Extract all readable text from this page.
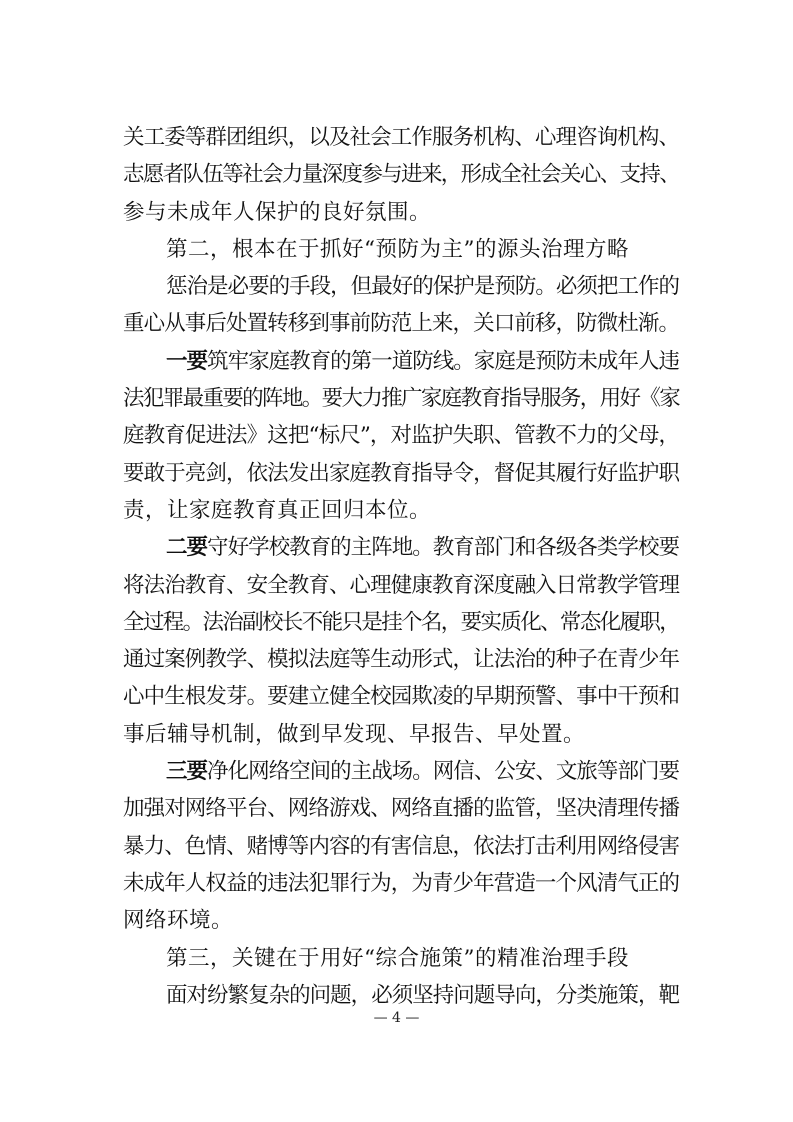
关工委等群团组织，以及社会工作服务机构、心理咨询机构、
志愿者队伍等社会力量深度参与进来，形成全社会关心、支持、
参与未成年人保护的良好氛围。
第二，根本在于抓好“预防为主”的源头治理方略
惩治是必要的手段，但最好的保护是预防。必须把工作的
重心从事后处置转移到事前防范上来，关口前移，防微杜渐。
一要筑牢家庭教育的第一道防线。家庭是预防未成年人违
法犯罪最重要的阵地。要大力推广家庭教育指导服务，用好《家
庭教育促进法》这把“标尺”，对监护失职、管教不力的父母，
要敢于亮剑，依法发出家庭教育指导令，督促其履行好监护职
责，让家庭教育真正回归本位。
二要守好学校教育的主阵地。教育部门和各级各类学校要
将法治教育、安全教育、心理健康教育深度融入日常教学管理
全过程。法治副校长不能只是挂个名，要实质化、常态化履职，
通过案例教学、模拟法庭等生动形式，让法治的种子在青少年
心中生根发芽。要建立健全校园欺凌的早期预警、事中干预和
事后辅导机制，做到早发现、早报告、早处置。
三要净化网络空间的主战场。网信、公安、文旅等部门要
加强对网络平台、网络游戏、网络直播的监管，坚决清理传播
暴力、色情、赌博等内容的有害信息，依法打击利用网络侵害
未成年人权益的违法犯罪行为，为青少年营造一个风清气正的
网络环境。
第三，关键在于用好“综合施策”的精准治理手段
面对纷繁复杂的问题，必须坚持问题导向，分类施策，靶
— 4 —
